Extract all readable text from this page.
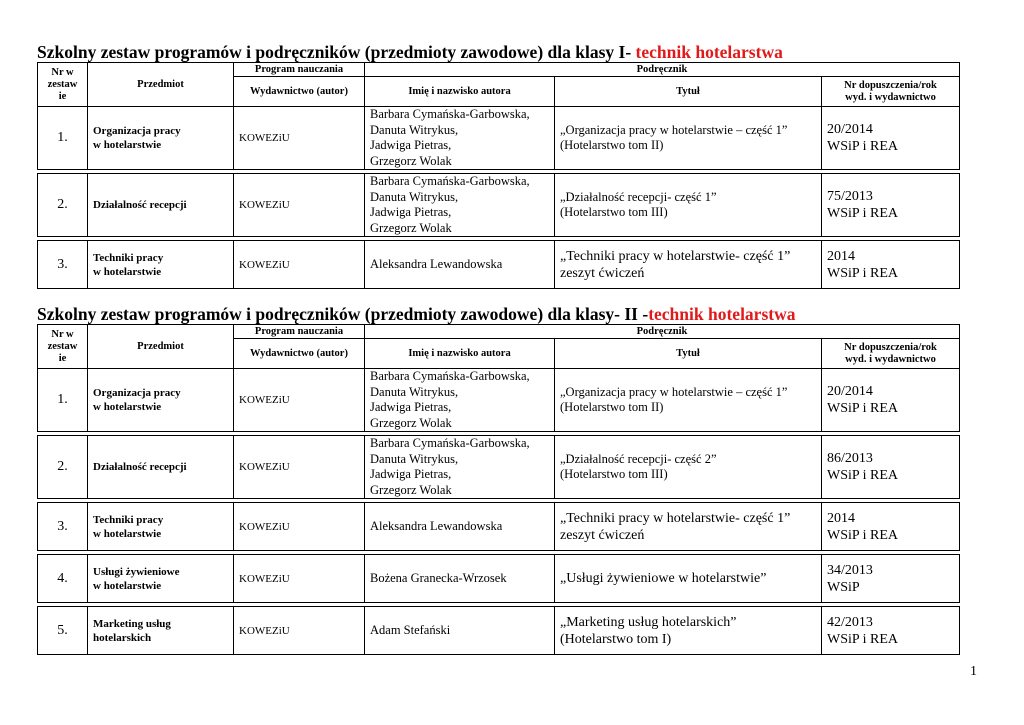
Szkolny zestaw programów i podręczników (przedmioty zawodowe) dla klasy I- technik hotelarstwa
Nr w zestaw ie	Przedmiot	Program nauczania	Podręcznik		
		Wydawnictwo (autor)	Imię i nazwisko autora	Tytuł	Nr dopuszczenia/rok
wyd. i wydawnictwo

1.	Organizacja pracy
w hotelarstwie	KOWEZiU	Barbara Cymańska-Garbowska,
Danuta Witrykus,
Jadwiga Pietras,
Grzegorz Wolak	„Organizacja pracy w hotelarstwie – część 1”
(Hotelarstwo tom II)	20/2014
WSiP i REA

2.	Działalność recepcji	KOWEZiU	Barbara Cymańska-Garbowska,
Danuta Witrykus,
Jadwiga Pietras,
Grzegorz Wolak	„Działalność recepcji- część 1”
(Hotelarstwo tom III)	75/2013
WSiP i REA

3.	Techniki pracy
w hotelarstwie	KOWEZiU	Aleksandra Lewandowska	„Techniki pracy w hotelarstwie- część 1”
zeszyt ćwiczeń	2014
WSiP i REA
Szkolny zestaw programów i podręczników (przedmioty zawodowe) dla klasy- II -technik hotelarstwa
Nr w zestaw ie	Przedmiot	Program nauczania	Podręcznik		
		Wydawnictwo (autor)	Imię i nazwisko autora	Tytuł	Nr dopuszczenia/rok
wyd. i wydawnictwo

1.	Organizacja pracy
w hotelarstwie	KOWEZiU	Barbara Cymańska-Garbowska,
Danuta Witrykus,
Jadwiga Pietras,
Grzegorz Wolak	„Organizacja pracy w hotelarstwie – część 1”
(Hotelarstwo tom II)	20/2014
WSiP i REA

2.	Działalność recepcji	KOWEZiU	Barbara Cymańska-Garbowska,
Danuta Witrykus,
Jadwiga Pietras,
Grzegorz Wolak	„Działalność recepcji- część 2”
(Hotelarstwo tom III)	86/2013
WSiP i REA

3.	Techniki pracy
w hotelarstwie	KOWEZiU	Aleksandra Lewandowska	„Techniki pracy w hotelarstwie- część 1”
zeszyt ćwiczeń	2014
WSiP i REA

4.	Usługi żywieniowe
w hotelarstwie	KOWEZiU	Bożena Granecka-Wrzosek	„Usługi żywieniowe w hotelarstwie”	34/2013
WSiP

5.	Marketing usług
hotelarskich	KOWEZiU	Adam Stefański	„Marketing usług hotelarskich”
(Hotelarstwo tom I)	42/2013
WSiP i REA
1
